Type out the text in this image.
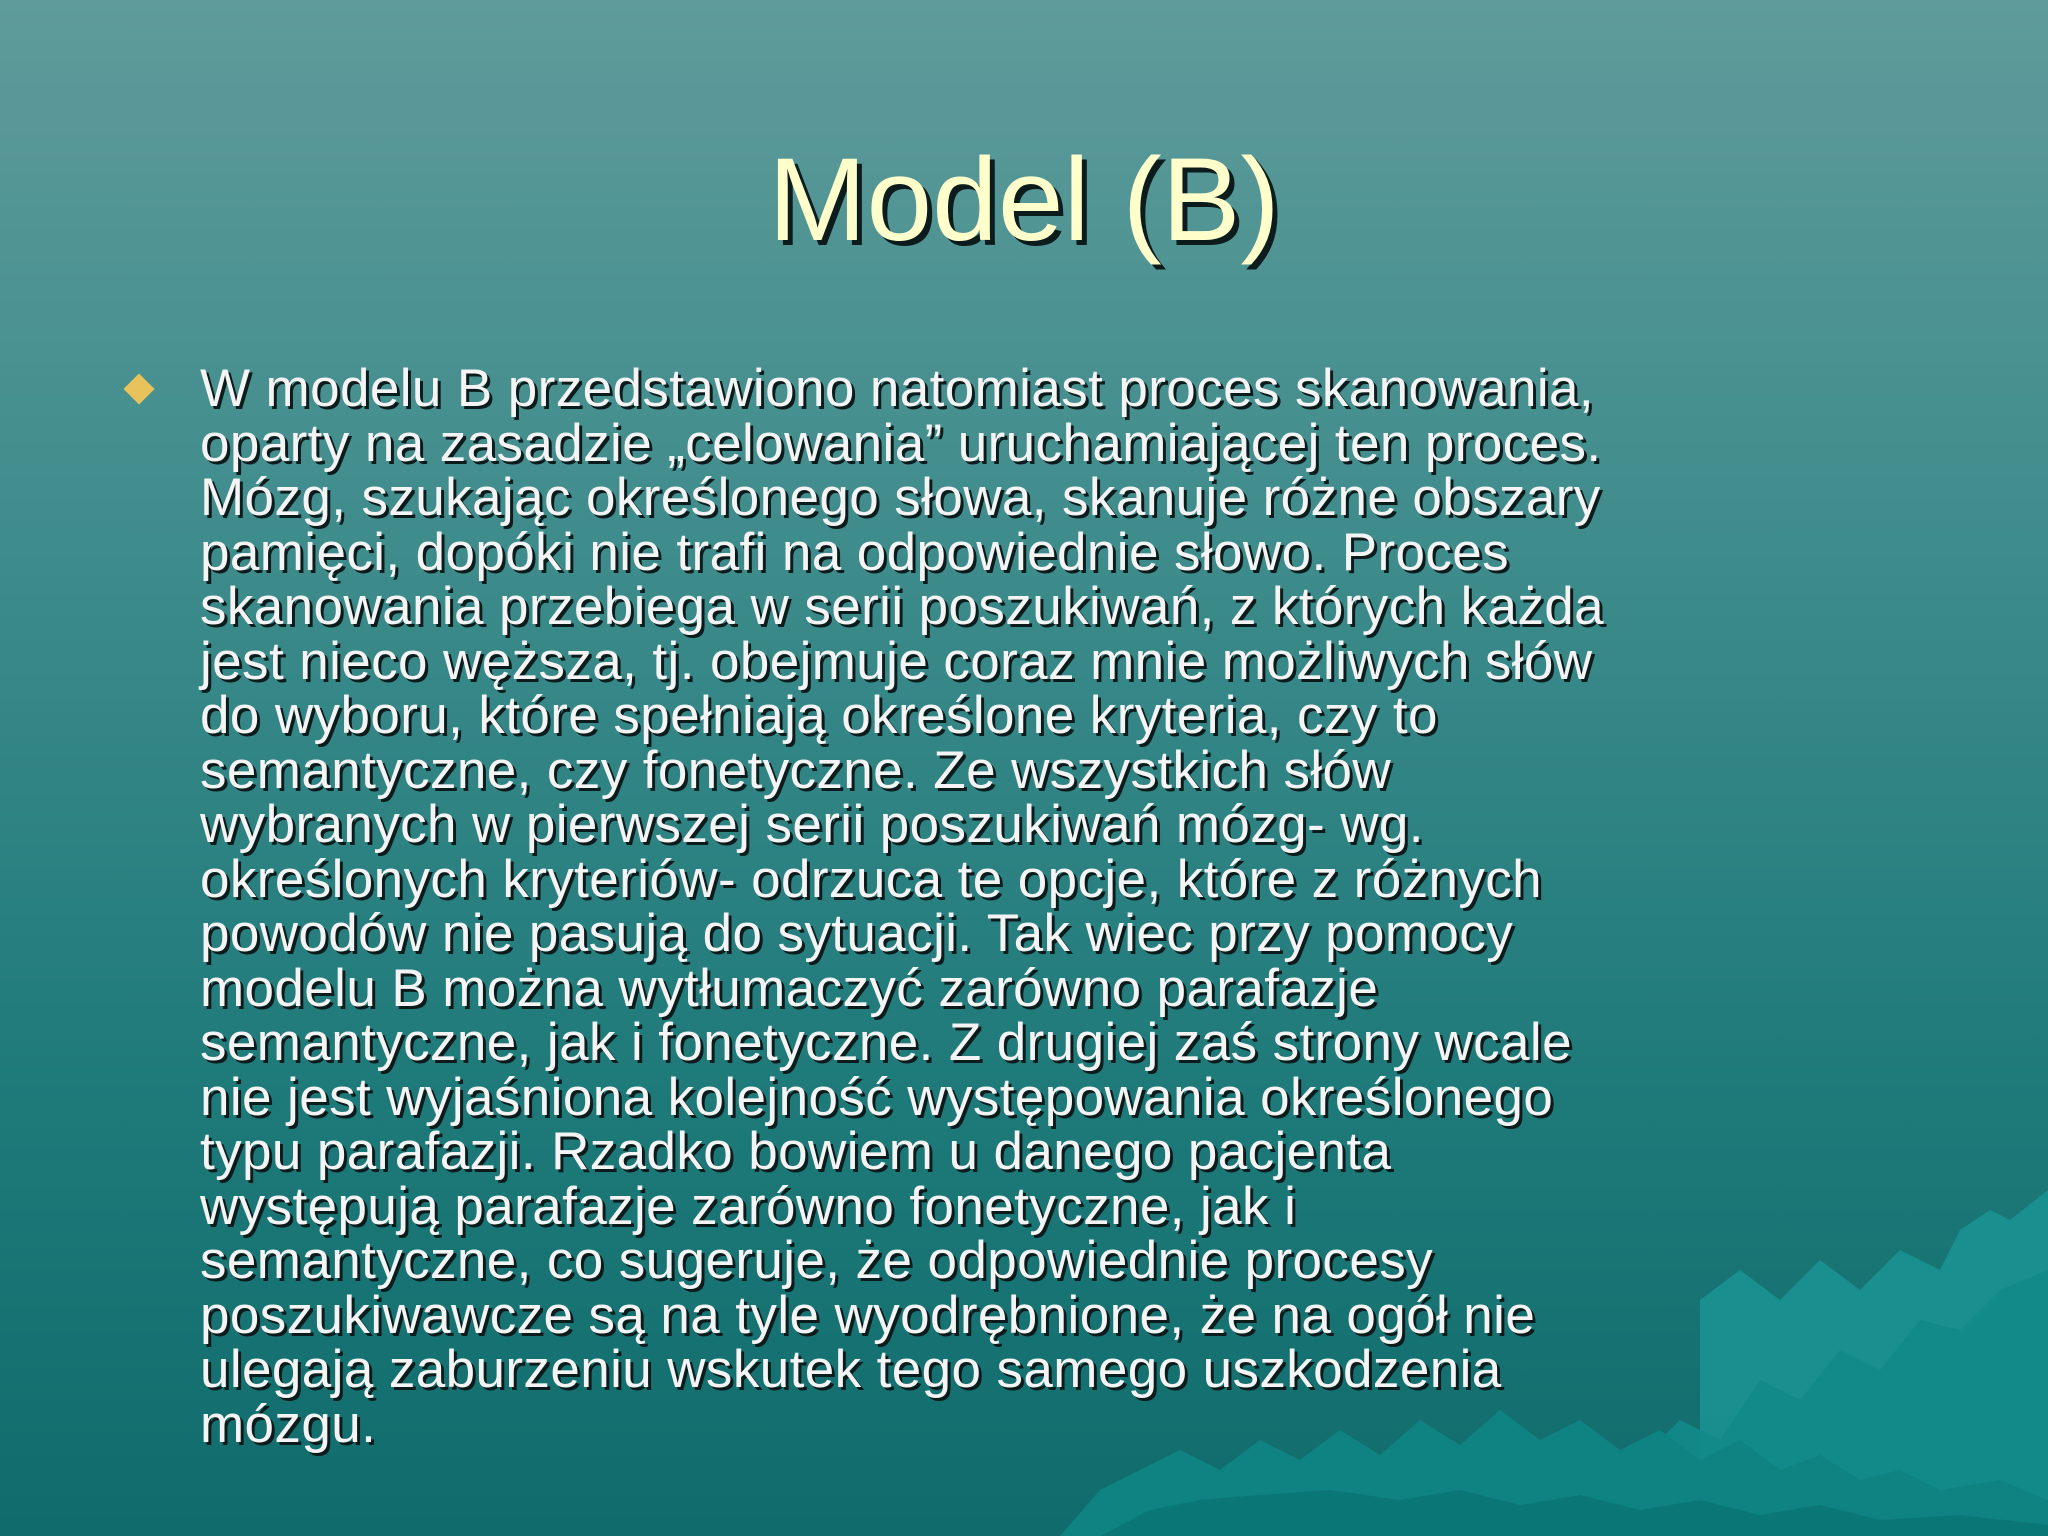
Model (B)
W modelu B przedstawiono natomiast proces skanowania,
oparty na zasadzie „celowania” uruchamiającej ten proces.
Mózg, szukając określonego słowa, skanuje różne obszary
pamięci, dopóki nie trafi na odpowiednie słowo. Proces
skanowania przebiega w serii poszukiwań, z których każda
jest nieco węższa, tj. obejmuje coraz mnie możliwych słów
do wyboru, które spełniają określone kryteria, czy to
semantyczne, czy fonetyczne. Ze wszystkich słów
wybranych w pierwszej serii poszukiwań mózg- wg.
określonych kryteriów- odrzuca te opcje, które z różnych
powodów nie pasują do sytuacji. Tak wiec przy pomocy
modelu B można wytłumaczyć zarówno parafazje
semantyczne, jak i fonetyczne. Z drugiej zaś strony wcale
nie jest wyjaśniona kolejność występowania określonego
typu parafazji. Rzadko bowiem u danego pacjenta
występują parafazje zarówno fonetyczne, jak i
semantyczne, co sugeruje, że odpowiednie procesy
poszukiwawcze są na tyle wyodrębnione, że na ogół nie
ulegają zaburzeniu wskutek tego samego uszkodzenia
mózgu.
